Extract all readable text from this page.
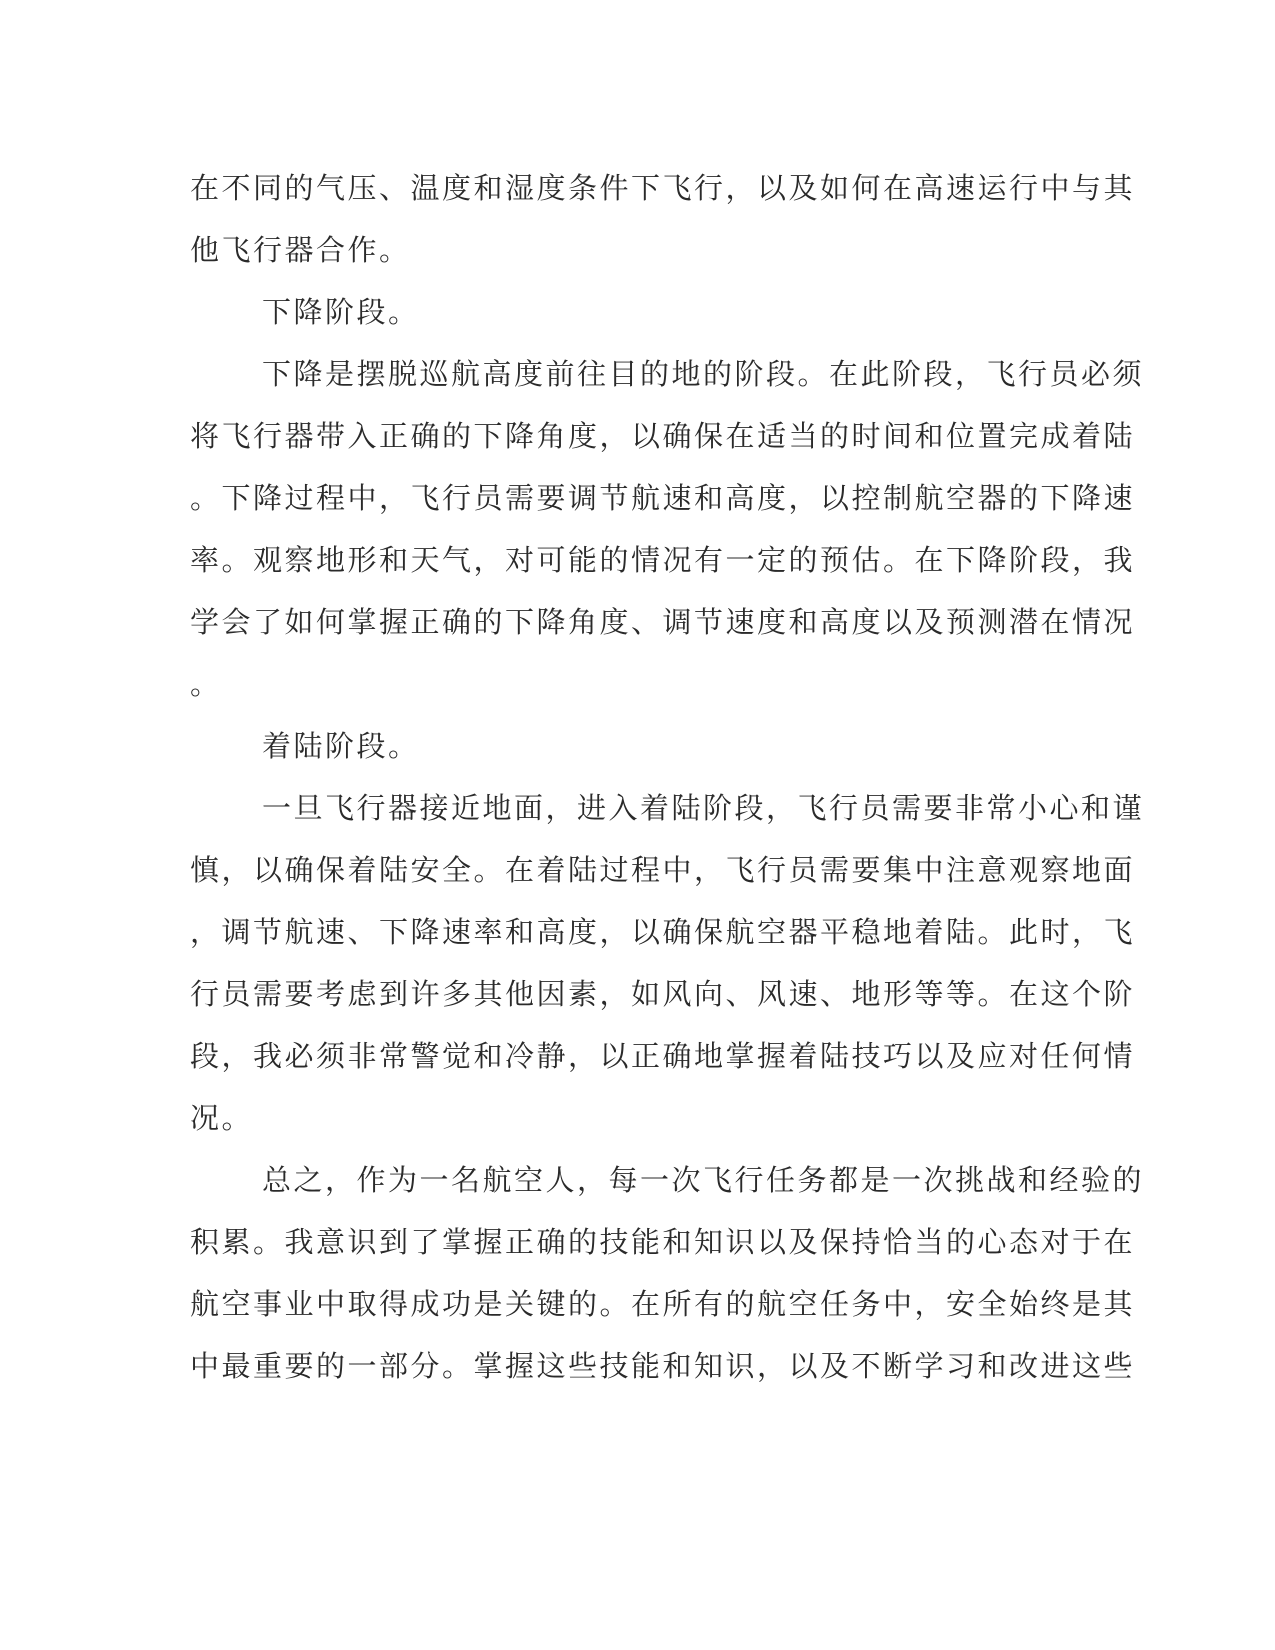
在不同的气压、温度和湿度条件下飞行，以及如何在高速运行中与其
他飞行器合作。
下降阶段。
下降是摆脱巡航高度前往目的地的阶段。在此阶段，飞行员必须
将飞行器带入正确的下降角度，以确保在适当的时间和位置完成着陆
。下降过程中，飞行员需要调节航速和高度，以控制航空器的下降速
率。观察地形和天气，对可能的情况有一定的预估。在下降阶段，我
学会了如何掌握正确的下降角度、调节速度和高度以及预测潜在情况
。
着陆阶段。
一旦飞行器接近地面，进入着陆阶段，飞行员需要非常小心和谨
慎，以确保着陆安全。在着陆过程中，飞行员需要集中注意观察地面
，调节航速、下降速率和高度，以确保航空器平稳地着陆。此时，飞
行员需要考虑到许多其他因素，如风向、风速、地形等等。在这个阶
段，我必须非常警觉和冷静，以正确地掌握着陆技巧以及应对任何情
况。
总之，作为一名航空人，每一次飞行任务都是一次挑战和经验的
积累。我意识到了掌握正确的技能和知识以及保持恰当的心态对于在
航空事业中取得成功是关键的。在所有的航空任务中，安全始终是其
中最重要的一部分。掌握这些技能和知识，以及不断学习和改进这些
